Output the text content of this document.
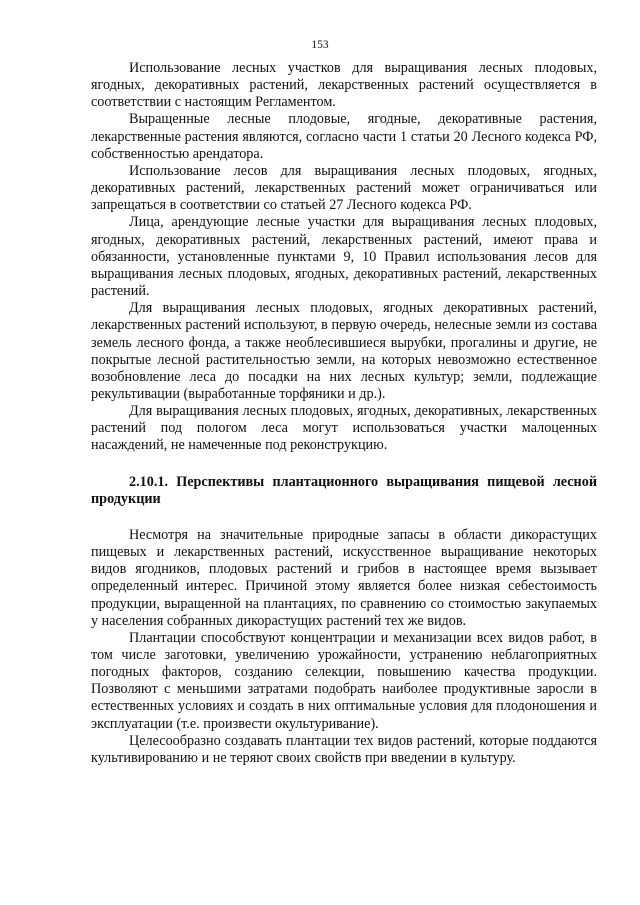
153

Использование лесных участков для выращивания лесных плодовых, ягодных, декоративных растений, лекарственных растений осуществляется в соответствии с настоящим Регламентом.

Выращенные лесные плодовые, ягодные, декоративные растения, лекарственные растения являются, согласно части 1 статьи 20 Лесного кодекса РФ, собственностью арендатора.

Использование лесов для выращивания лесных плодовых, ягодных, декоративных растений, лекарственных растений может ограничиваться или запрещаться в соответствии со статьей 27 Лесного кодекса РФ.

Лица, арендующие лесные участки для выращивания лесных плодовых, ягодных, декоративных растений, лекарственных растений, имеют права и обязанности, установленные пунктами 9, 10 Правил использования лесов для выращивания лесных плодовых, ягодных, декоративных растений, лекарственных растений.

Для выращивания лесных плодовых, ягодных декоративных растений, лекарственных растений используют, в первую очередь, нелесные земли из состава земель лесного фонда, а также необлесившиеся вырубки, прогалины и другие, не покрытые лесной растительностью земли, на которых невозможно естественное возобновление леса до посадки на них лесных культур; земли, подлежащие рекультивации (выработанные торфяники и др.).

Для выращивания лесных плодовых, ягодных, декоративных, лекарственных растений под пологом леса могут использоваться участки малоценных насаждений, не намеченные под реконструкцию.

2.10.1. Перспективы плантационного выращивания пищевой лесной продукции

Несмотря на значительные природные запасы в области дикорастущих пищевых и лекарственных растений, искусственное выращивание некоторых видов ягодников, плодовых растений и грибов в настоящее время вызывает определенный интерес. Причиной этому является более низкая себестоимость продукции, выращенной на плантациях, по сравнению со стоимостью закупаемых у населения собранных дикорастущих растений тех же видов.

Плантации способствуют концентрации и механизации всех видов работ, в том числе заготовки, увеличению урожайности, устранению неблагоприятных погодных факторов, созданию селекции, повышению качества продукции. Позволяют с меньшими затратами подобрать наиболее продуктивные заросли в естественных условиях и создать в них оптимальные условия для плодоношения и эксплуатации (т.е. произвести окультуривание).

Целесообразно создавать плантации тех видов растений, которые поддаются культивированию и не теряют своих свойств при введении в культуру.
